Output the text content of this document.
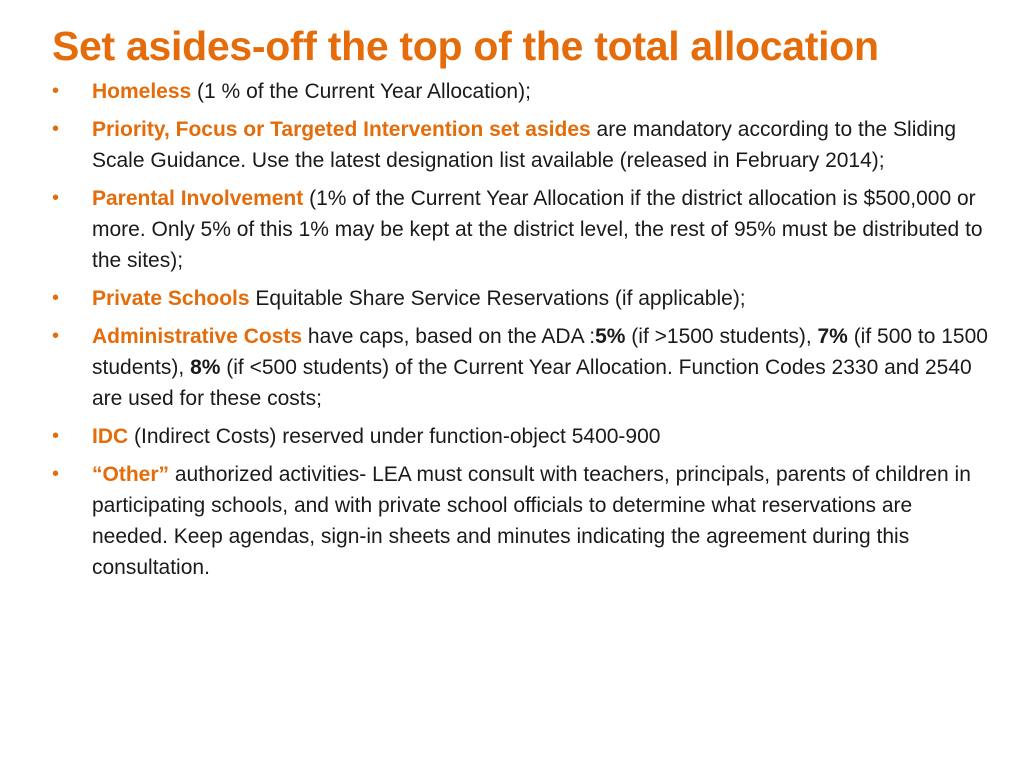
Set asides-off the top of the total allocation
• Homeless (1 % of the Current Year Allocation);
• Priority, Focus or Targeted Intervention set asides are mandatory according to the Sliding Scale Guidance. Use the latest designation list available (released in February 2014);
• Parental Involvement (1% of the Current Year Allocation if the district allocation is $500,000 or more. Only 5% of this 1% may be kept at the district level, the rest of 95% must be distributed to the sites);
• Private Schools Equitable Share Service Reservations (if applicable);
• Administrative Costs have caps, based on the ADA :5% (if >1500 students), 7% (if 500 to 1500 students), 8% (if <500 students) of the Current Year Allocation. Function Codes 2330 and 2540 are used for these costs;
• IDC (Indirect Costs) reserved under function-object 5400-900
• “Other” authorized activities- LEA must consult with teachers, principals, parents of children in participating schools, and with private school officials to determine what reservations are needed. Keep agendas, sign-in sheets and minutes indicating the agreement during this consultation.
